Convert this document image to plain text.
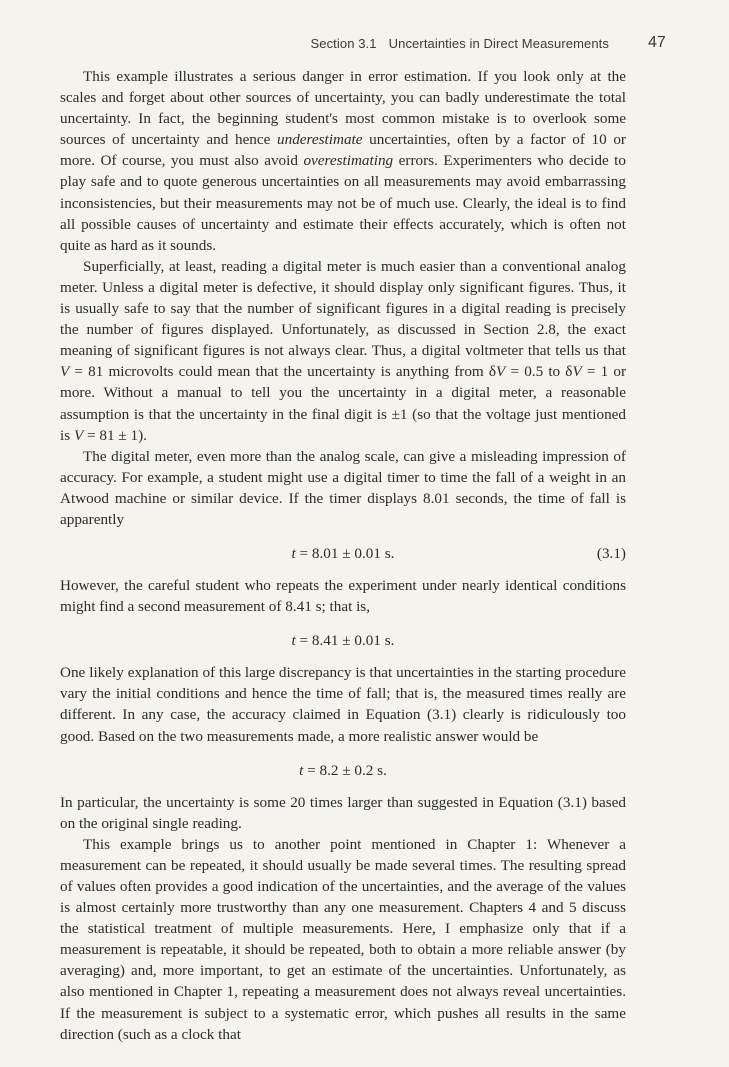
Section 3.1 Uncertainties in Direct Measurements 47

This example illustrates a serious danger in error estimation. If you look only at the scales and forget about other sources of uncertainty, you can badly underestimate the total uncertainty. In fact, the beginning student's most common mistake is to overlook some sources of uncertainty and hence underestimate uncertainties, often by a factor of 10 or more. Of course, you must also avoid overestimating errors. Experimenters who decide to play safe and to quote generous uncertainties on all measurements may avoid embarrassing inconsistencies, but their measurements may not be of much use. Clearly, the ideal is to find all possible causes of uncertainty and estimate their effects accurately, which is often not quite as hard as it sounds.

Superficially, at least, reading a digital meter is much easier than a conventional analog meter. Unless a digital meter is defective, it should display only significant figures. Thus, it is usually safe to say that the number of significant figures in a digital reading is precisely the number of figures displayed. Unfortunately, as discussed in Section 2.8, the exact meaning of significant figures is not always clear. Thus, a digital voltmeter that tells us that V = 81 microvolts could mean that the uncertainty is anything from δV = 0.5 to δV = 1 or more. Without a manual to tell you the uncertainty in a digital meter, a reasonable assumption is that the uncertainty in the final digit is ±1 (so that the voltage just mentioned is V = 81 ± 1).

The digital meter, even more than the analog scale, can give a misleading impression of accuracy. For example, a student might use a digital timer to time the fall of a weight in an Atwood machine or similar device. If the timer displays 8.01 seconds, the time of fall is apparently

t = 8.01 ± 0.01 s.	(3.1)

However, the careful student who repeats the experiment under nearly identical conditions might find a second measurement of 8.41 s; that is,

t = 8.41 ± 0.01 s.

One likely explanation of this large discrepancy is that uncertainties in the starting procedure vary the initial conditions and hence the time of fall; that is, the measured times really are different. In any case, the accuracy claimed in Equation (3.1) clearly is ridiculously too good. Based on the two measurements made, a more realistic answer would be

t = 8.2 ± 0.2 s.

In particular, the uncertainty is some 20 times larger than suggested in Equation (3.1) based on the original single reading.

This example brings us to another point mentioned in Chapter 1: Whenever a measurement can be repeated, it should usually be made several times. The resulting spread of values often provides a good indication of the uncertainties, and the average of the values is almost certainly more trustworthy than any one measurement. Chapters 4 and 5 discuss the statistical treatment of multiple measurements. Here, I emphasize only that if a measurement is repeatable, it should be repeated, both to obtain a more reliable answer (by averaging) and, more important, to get an estimate of the uncertainties. Unfortunately, as also mentioned in Chapter 1, repeating a measurement does not always reveal uncertainties. If the measurement is subject to a systematic error, which pushes all results in the same direction (such as a clock that
